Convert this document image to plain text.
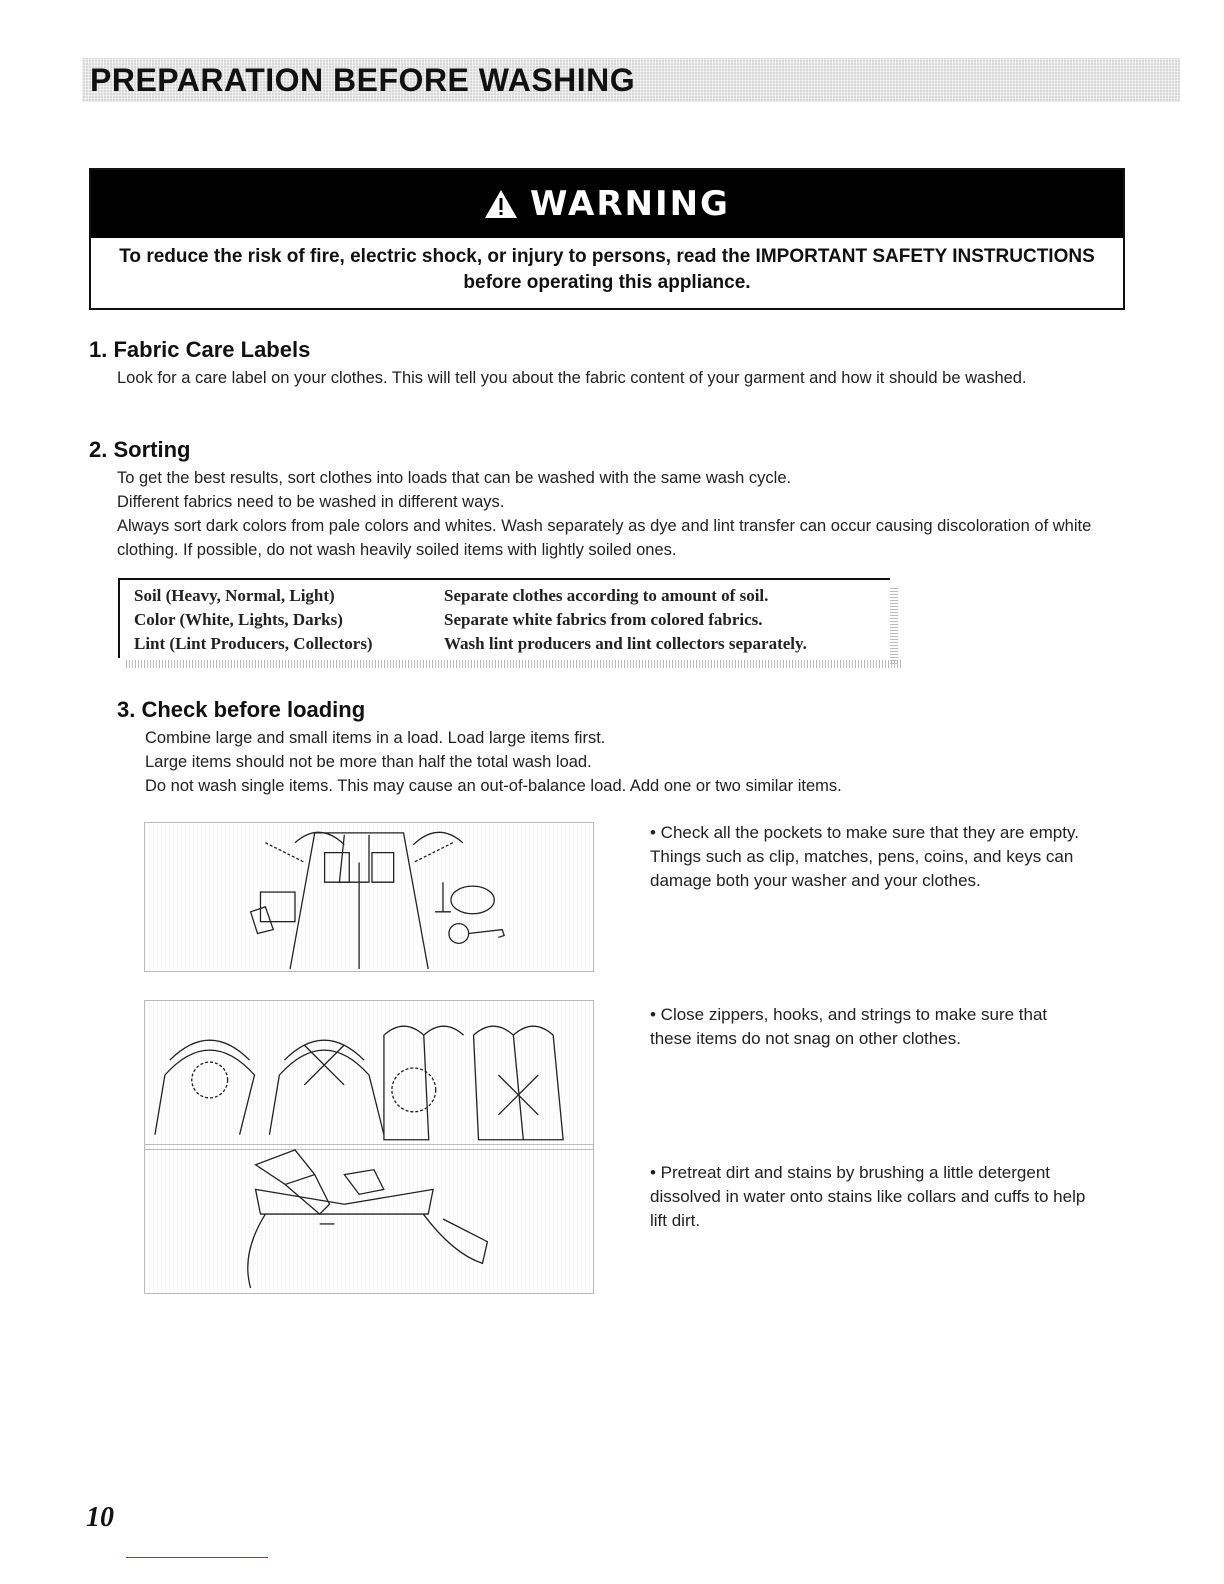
PREPARATION BEFORE WASHING
WARNING
To reduce the risk of fire, electric shock, or injury to persons, read the IMPORTANT SAFETY INSTRUCTIONS before operating this appliance.
1. Fabric Care Labels
Look for a care label on your clothes. This will tell you about the fabric content of your garment and how it should be washed.
2. Sorting
To get the best results, sort clothes into loads that can be washed with the same wash cycle.
Different fabrics need to be washed in different ways.
Always sort dark colors from pale colors and whites. Wash separately as dye and lint transfer can occur causing discoloration of white clothing. If possible, do not wash heavily soiled items with lightly soiled ones.
Soil (Heavy, Normal, Light)	Separate clothes according to amount of soil.
Color (White, Lights, Darks)	Separate white fabrics from colored fabrics.
Lint (Lint Producers, Collectors)	Wash lint producers and lint collectors separately.
3. Check before loading
Combine large and small items in a load. Load large items first.
Large items should not be more than half the total wash load.
Do not wash single items. This may cause an out-of-balance load. Add one or two similar items.
• Check all the pockets to make sure that they are empty. Things such as clip, matches, pens, coins, and keys can damage both your washer and your clothes.
• Close zippers, hooks, and strings to make sure that these items do not snag on other clothes.
• Pretreat dirt and stains by brushing a little detergent dissolved in water onto stains like collars and cuffs to help lift dirt.
10
